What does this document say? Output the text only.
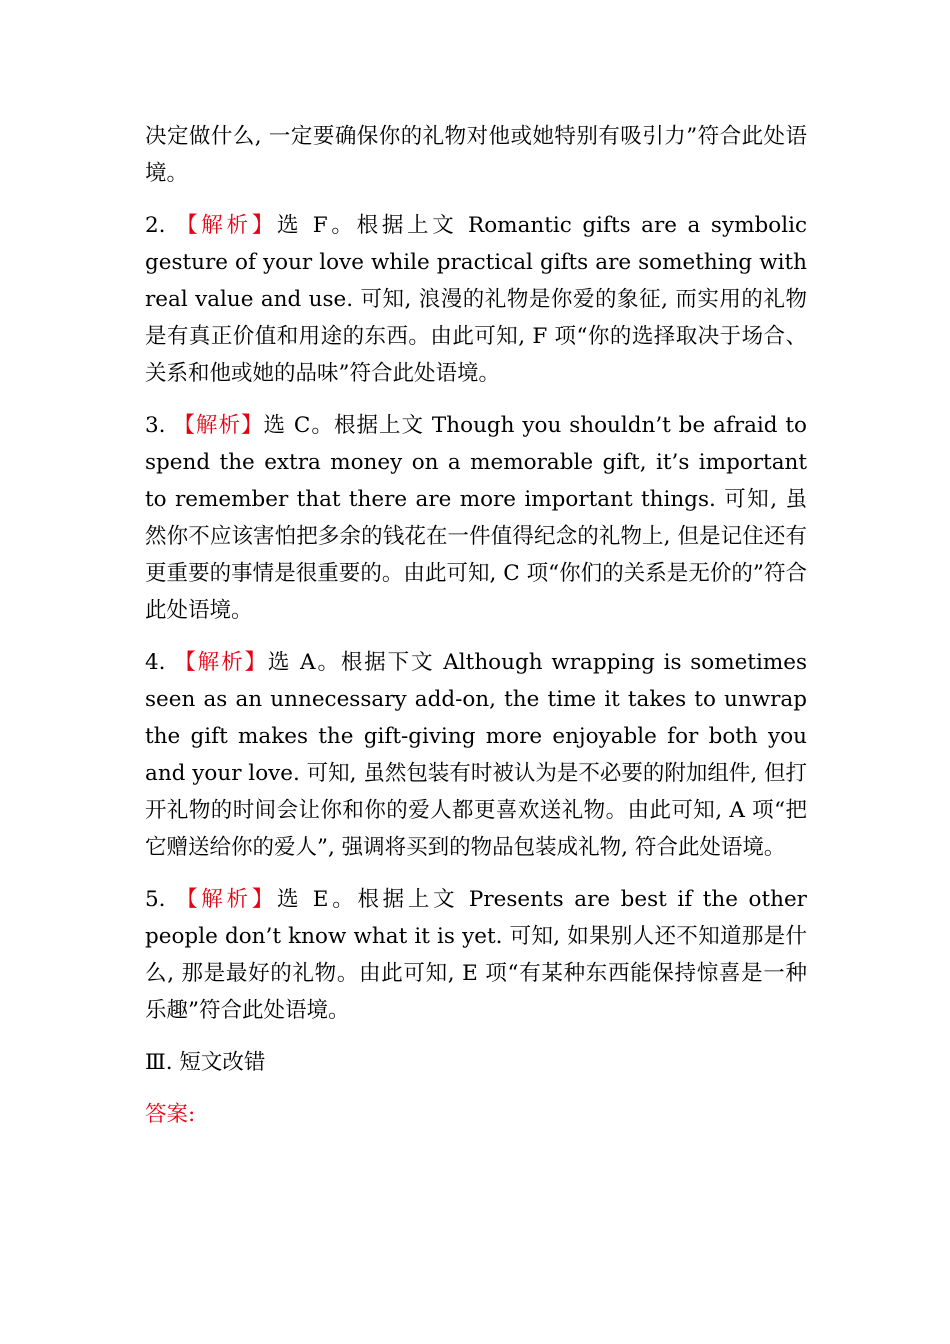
决定做什么, 一定要确保你的礼物对他或她特别有吸引力”符合此处语境。

2. 【解析】选 F。根据上文 Romantic gifts are a symbolic gesture of your love while practical gifts are something with real value and use. 可知, 浪漫的礼物是你爱的象征, 而实用的礼物是有真正价值和用途的东西。由此可知, F 项“你的选择取决于场合、关系和他或她的品味”符合此处语境。

3. 【解析】选 C。根据上文 Though you shouldn’t be afraid to spend the extra money on a memorable gift, it’s important to remember that there are more important things. 可知, 虽然你不应该害怕把多余的钱花在一件值得纪念的礼物上, 但是记住还有更重要的事情是很重要的。由此可知, C 项“你们的关系是无价的”符合此处语境。

4. 【解析】选 A。根据下文 Although wrapping is sometimes seen as an unnecessary add-on, the time it takes to unwrap the gift makes the gift-giving more enjoyable for both you and your love. 可知, 虽然包装有时被认为是不必要的附加组件, 但打开礼物的时间会让你和你的爱人都更喜欢送礼物。由此可知, A 项“把它赠送给你的爱人”, 强调将买到的物品包装成礼物, 符合此处语境。

5. 【解析】选 E。根据上文 Presents are best if the other people don’t know what it is yet. 可知, 如果别人还不知道那是什么, 那是最好的礼物。由此可知, E 项“有某种东西能保持惊喜是一种乐趣”符合此处语境。

Ⅲ. 短文改错

答案:
